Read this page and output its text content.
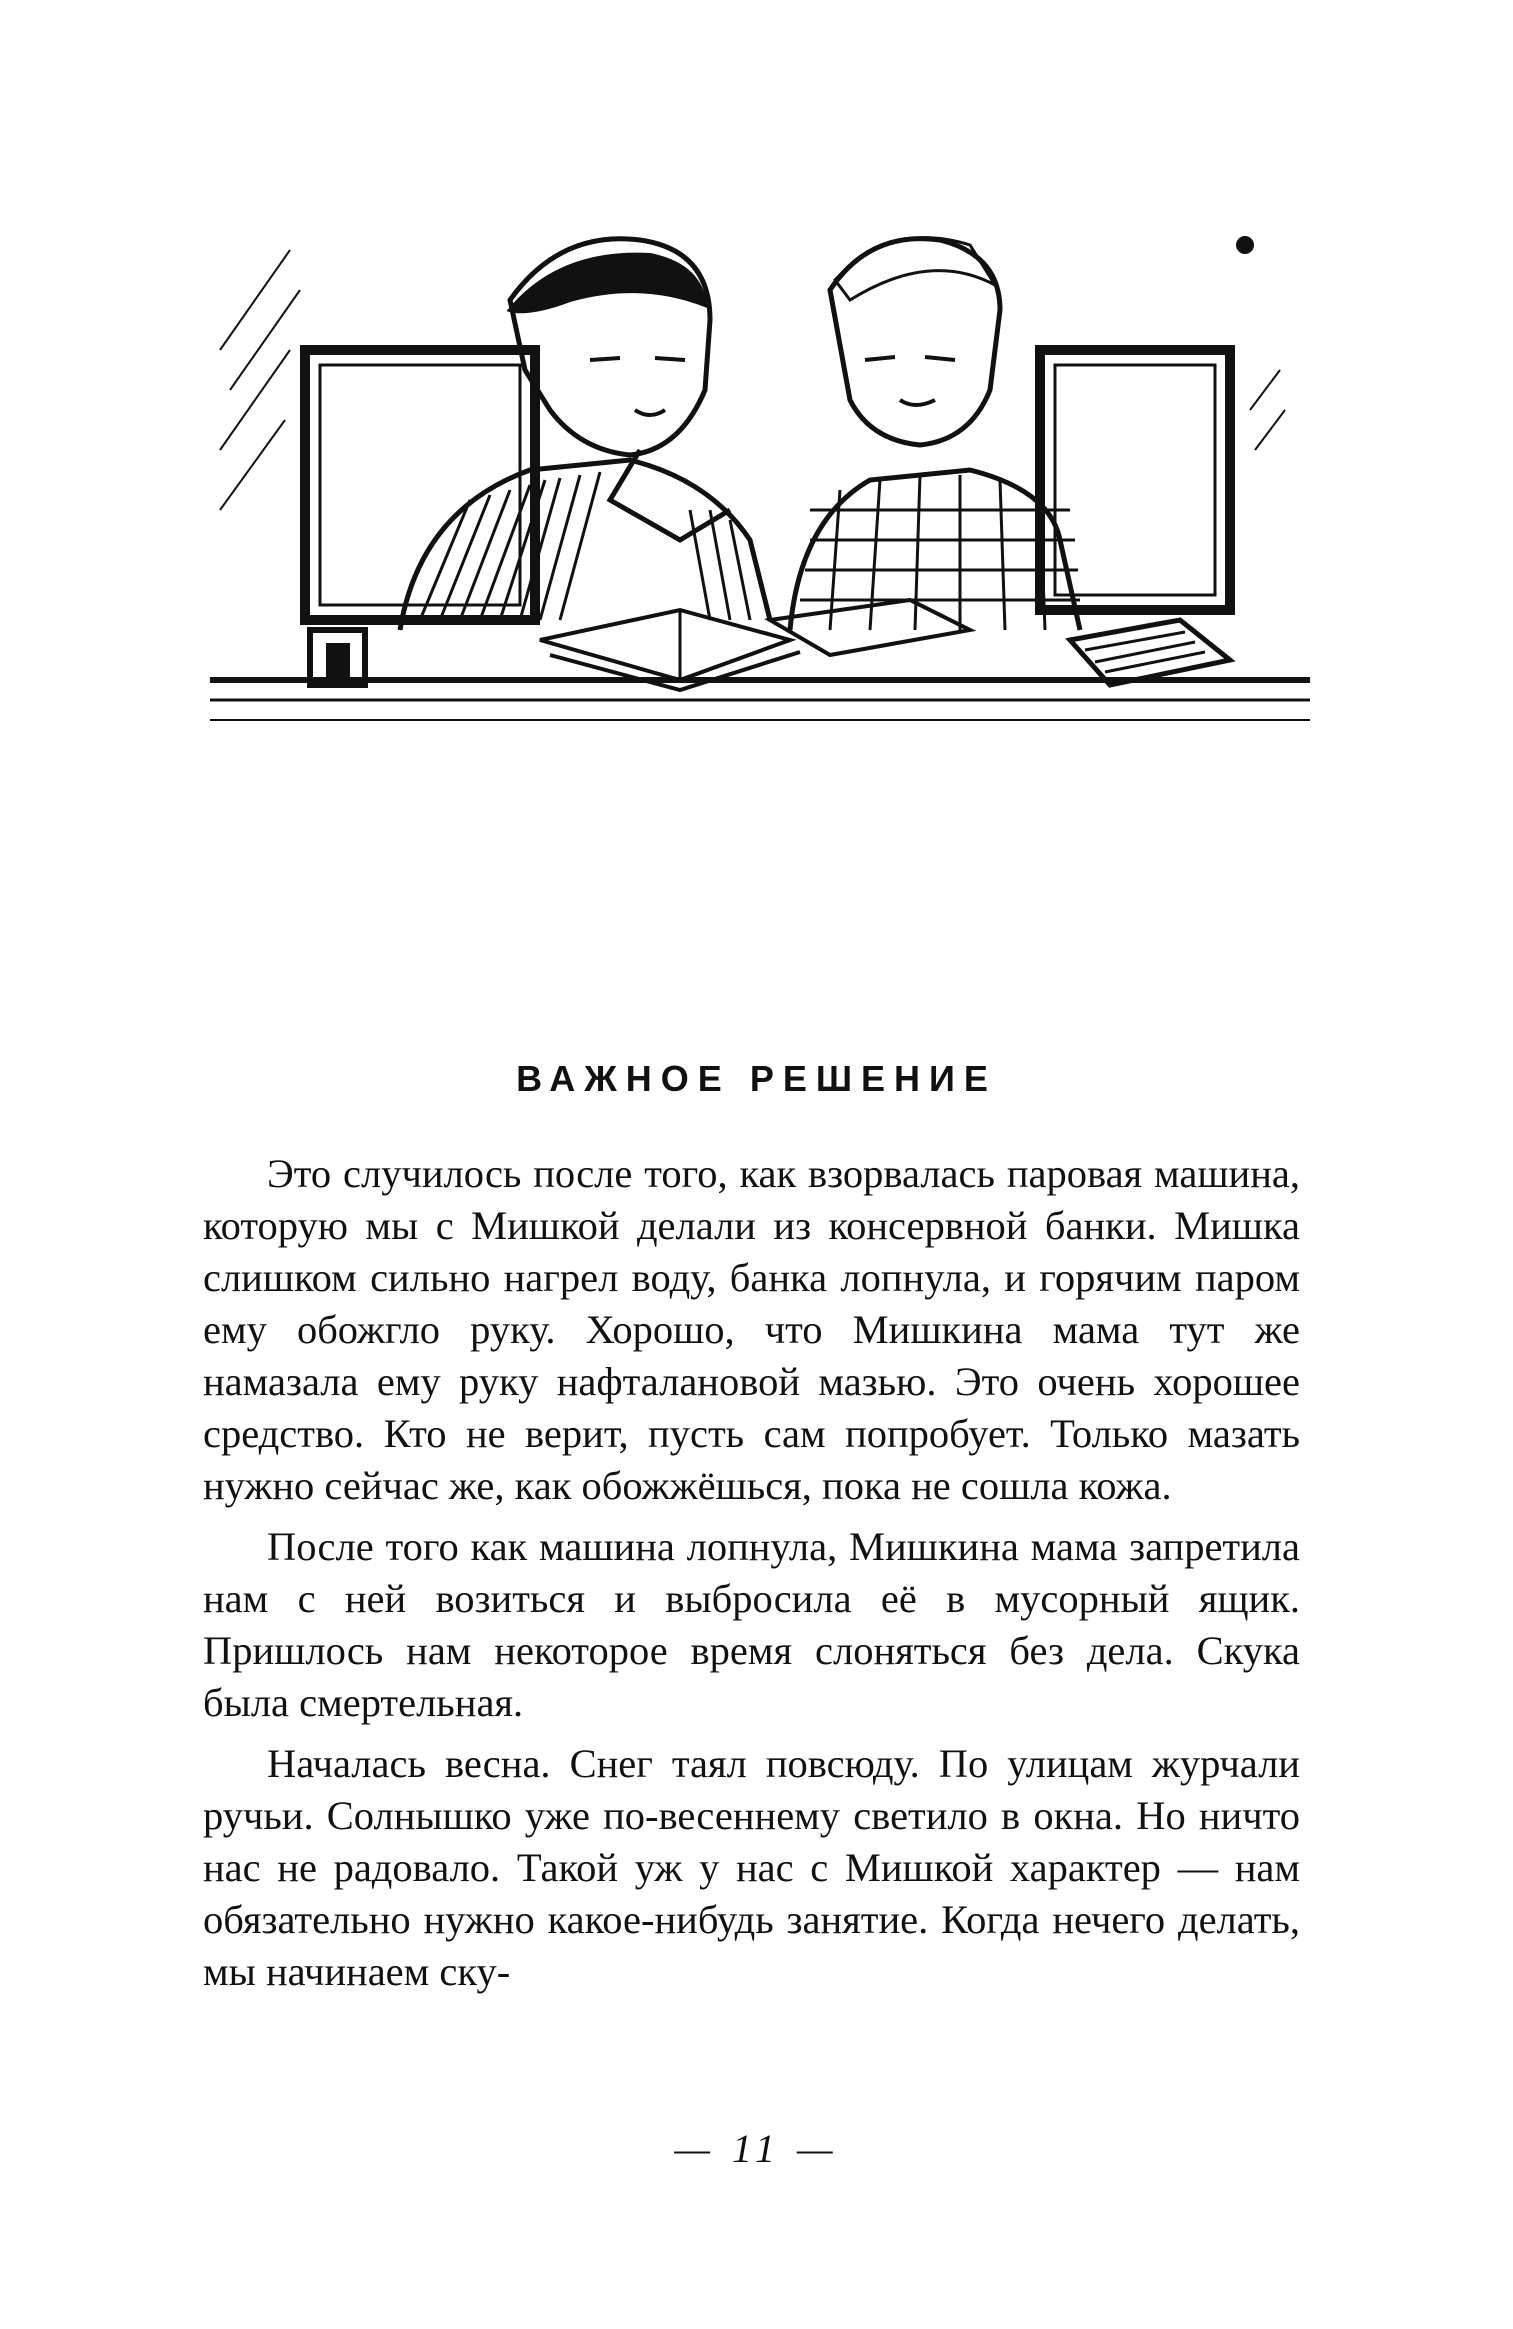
ВАЖНОЕ РЕШЕНИЕ

Это случилось после того, как взорвалась паровая машина, которую мы с Мишкой делали из консервной банки. Мишка слишком сильно нагрел воду, банка лопнула, и горячим паром ему обожгло руку. Хорошо, что Мишкина мама тут же намазала ему руку нафталановой мазью. Это очень хорошее средство. Кто не верит, пусть сам попробует. Только мазать нужно сейчас же, как обожжёшься, пока не сошла кожа.

После того как машина лопнула, Мишкина мама запретила нам с ней возиться и выбросила её в мусорный ящик. Пришлось нам некоторое время слоняться без дела. Скука была смертельная.

Началась весна. Снег таял повсюду. По улицам журчали ручьи. Солнышко уже по-весеннему светило в окна. Но ничто нас не радовало. Такой уж у нас с Мишкой характер — нам обязательно нужно какое-нибудь занятие. Когда нечего делать, мы начинаем ску-

— 11 —
